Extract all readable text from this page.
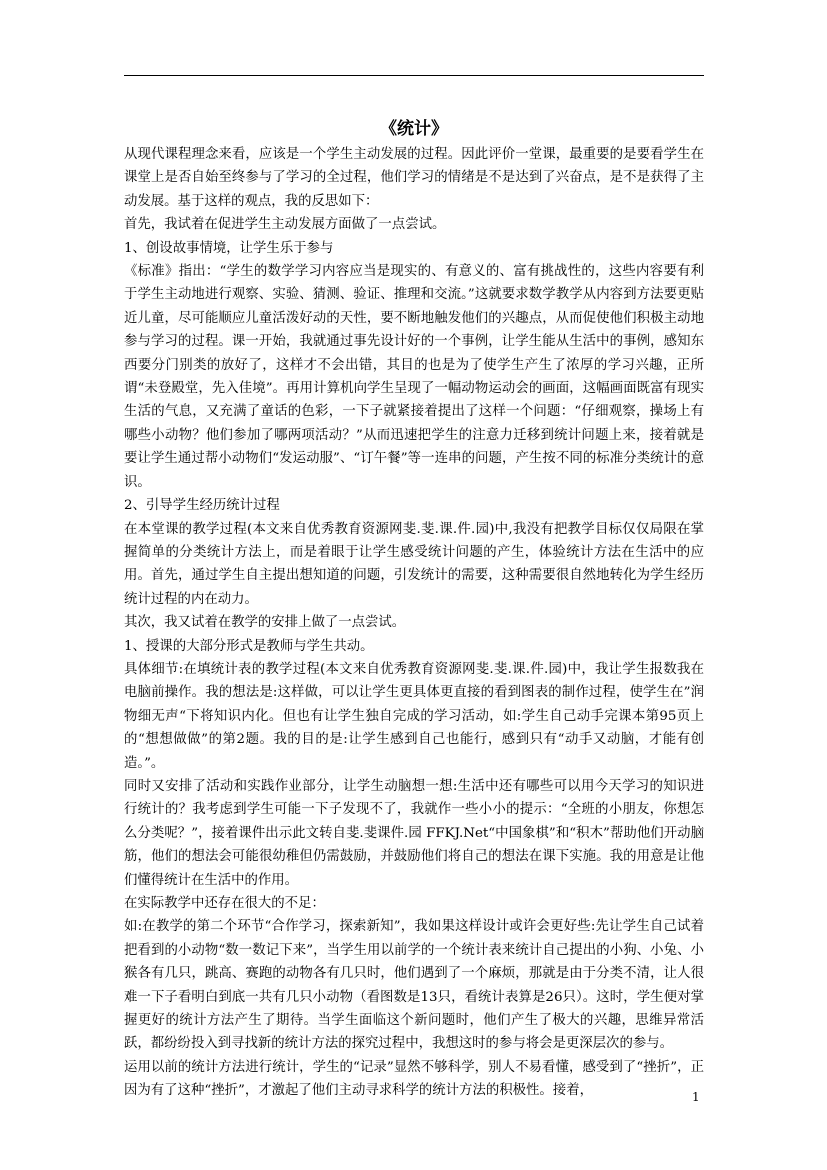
《统计》

从现代课程理念来看，应该是一个学生主动发展的过程。因此评价一堂课，最重要的是要看学生在课堂上是否自始至终参与了学习的全过程，他们学习的情绪是不是达到了兴奋点，是不是获得了主动发展。基于这样的观点，我的反思如下：

首先，我试着在促进学生主动发展方面做了一点尝试。

1、创设故事情境，让学生乐于参与

《标准》指出：“学生的数学学习内容应当是现实的、有意义的、富有挑战性的，这些内容要有利于学生主动地进行观察、实验、猜测、验证、推理和交流。”这就要求数学教学从内容到方法要更贴近儿童，尽可能顺应儿童活泼好动的天性，要不断地触发他们的兴趣点，从而促使他们积极主动地参与学习的过程。课一开始，我就通过事先设计好的一个事例，让学生能从生活中的事例，感知东西要分门别类的放好了，这样才不会出错，其目的也是为了使学生产生了浓厚的学习兴趣，正所谓“未登殿堂，先入佳境”。再用计算机向学生呈现了一幅动物运动会的画面，这幅画面既富有现实生活的气息，又充满了童话的色彩，一下子就紧接着提出了这样一个问题：“仔细观察，操场上有哪些小动物？他们参加了哪两项活动？”从而迅速把学生的注意力迁移到统计问题上来，接着就是要让学生通过帮小动物们“发运动服”、“订午餐”等一连串的问题，产生按不同的标准分类统计的意识。

2、引导学生经历统计过程

在本堂课的教学过程(本文来自优秀教育资源网斐.斐.课.件.园)中,我没有把教学目标仅仅局限在掌握简单的分类统计方法上，而是着眼于让学生感受统计问题的产生，体验统计方法在生活中的应用。首先，通过学生自主提出想知道的问题，引发统计的需要，这种需要很自然地转化为学生经历统计过程的内在动力。

其次，我又试着在教学的安排上做了一点尝试。

1、授课的大部分形式是教师与学生共动。

具体细节:在填统计表的教学过程(本文来自优秀教育资源网斐.斐.课.件.园)中，我让学生报数我在电脑前操作。我的想法是:这样做，可以让学生更具体更直接的看到图表的制作过程，使学生在”润物细无声“下将知识内化。但也有让学生独自完成的学习活动，如:学生自己动手完课本第95页上的“想想做做”的第2题。我的目的是:让学生感到自己也能行，感到只有“动手又动脑，才能有创造。”。

同时又安排了活动和实践作业部分，让学生动脑想一想:生活中还有哪些可以用今天学习的知识进行统计的？我考虑到学生可能一下子发现不了，我就作一些小小的提示：“全班的小朋友，你想怎么分类呢？”，接着课件出示此文转自斐.斐课件.园 FFKJ.Net“中国象棋”和“积木”帮助他们开动脑筋，他们的想法会可能很幼稚但仍需鼓励，并鼓励他们将自己的想法在课下实施。我的用意是让他们懂得统计在生活中的作用。

在实际教学中还存在很大的不足：

如:在教学的第二个环节“合作学习，探索新知”，我如果这样设计或许会更好些:先让学生自己试着把看到的小动物“数一数记下来”，当学生用以前学的一个统计表来统计自己提出的小狗、小兔、小猴各有几只，跳高、赛跑的动物各有几只时，他们遇到了一个麻烦，那就是由于分类不清，让人很难一下子看明白到底一共有几只小动物（看图数是13只，看统计表算是26只）。这时，学生便对掌握更好的统计方法产生了期待。当学生面临这个新问题时，他们产生了极大的兴趣，思维异常活跃，都纷纷投入到寻找新的统计方法的探究过程中，我想这时的参与将会是更深层次的参与。

运用以前的统计方法进行统计，学生的“记录”显然不够科学，别人不易看懂，感受到了“挫折”，正因为有了这种“挫折”，才激起了他们主动寻求科学的统计方法的积极性。接着，	1
